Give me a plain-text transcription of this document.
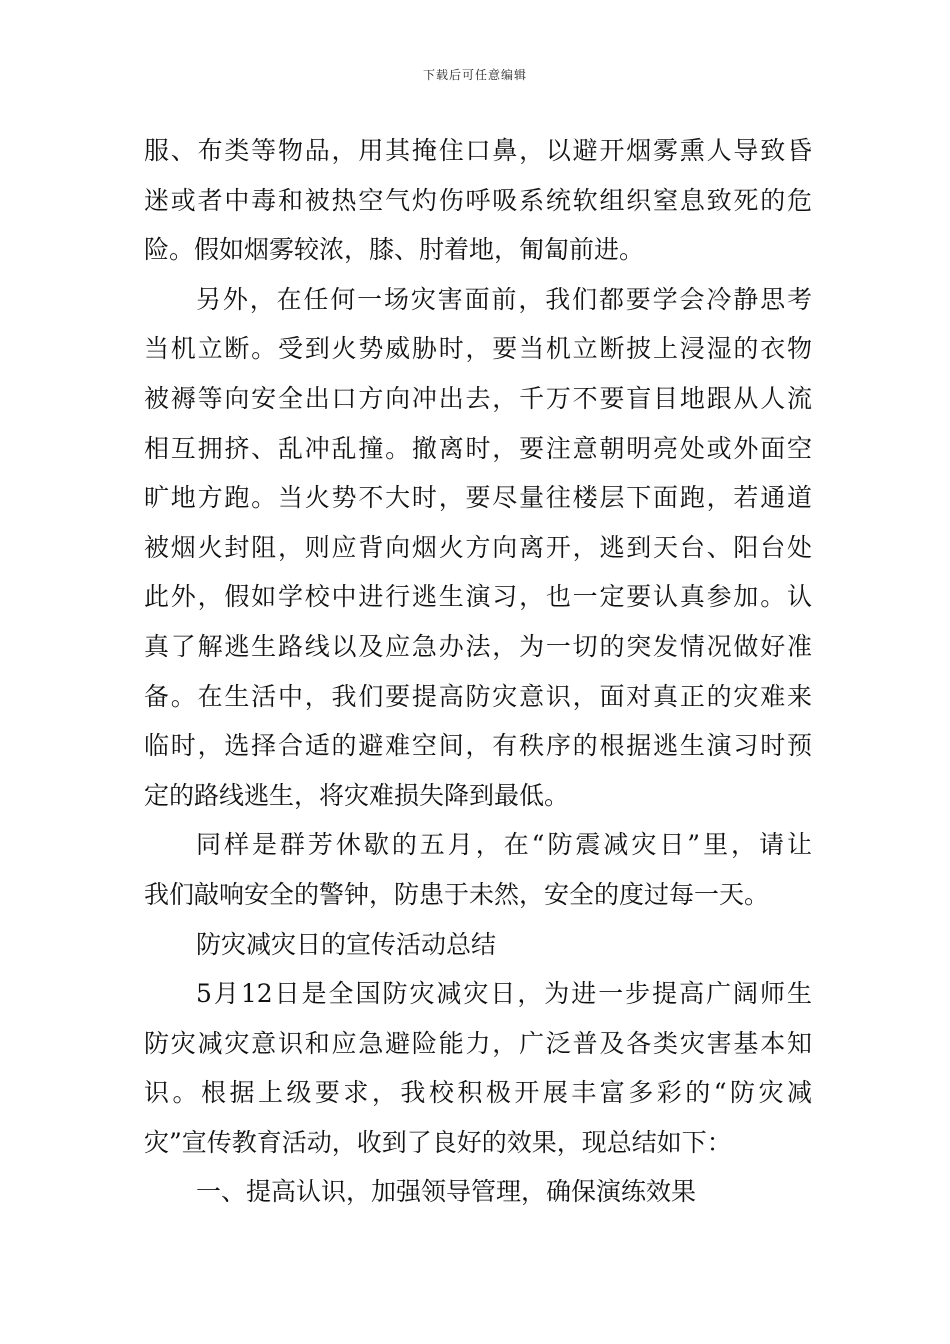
下载后可任意编辑
服、布类等物品，用其掩住口鼻，以避开烟雾熏人导致昏
迷或者中毒和被热空气灼伤呼吸系统软组织窒息致死的危
险。假如烟雾较浓，膝、肘着地，匍匐前进。
另外，在任何一场灾害面前，我们都要学会冷静思考
当机立断。受到火势威胁时，要当机立断披上浸湿的衣物
被褥等向安全出口方向冲出去，千万不要盲目地跟从人流
相互拥挤、乱冲乱撞。撤离时，要注意朝明亮处或外面空
旷地方跑。当火势不大时，要尽量往楼层下面跑，若通道
被烟火封阻，则应背向烟火方向离开，逃到天台、阳台处
此外，假如学校中进行逃生演习，也一定要认真参加。认
真了解逃生路线以及应急办法，为一切的突发情况做好准
备。在生活中，我们要提高防灾意识，面对真正的灾难来
临时，选择合适的避难空间，有秩序的根据逃生演习时预
定的路线逃生，将灾难损失降到最低。
同样是群芳休歇的五月，在“防震减灾日”里，请让
我们敲响安全的警钟，防患于未然，安全的度过每一天。
防灾减灾日的宣传活动总结
5月12日是全国防灾减灾日，为进一步提高广阔师生
防灾减灾意识和应急避险能力，广泛普及各类灾害基本知
识。根据上级要求，我校积极开展丰富多彩的“防灾减
灾”宣传教育活动，收到了良好的效果，现总结如下：
一、提高认识，加强领导管理，确保演练效果
